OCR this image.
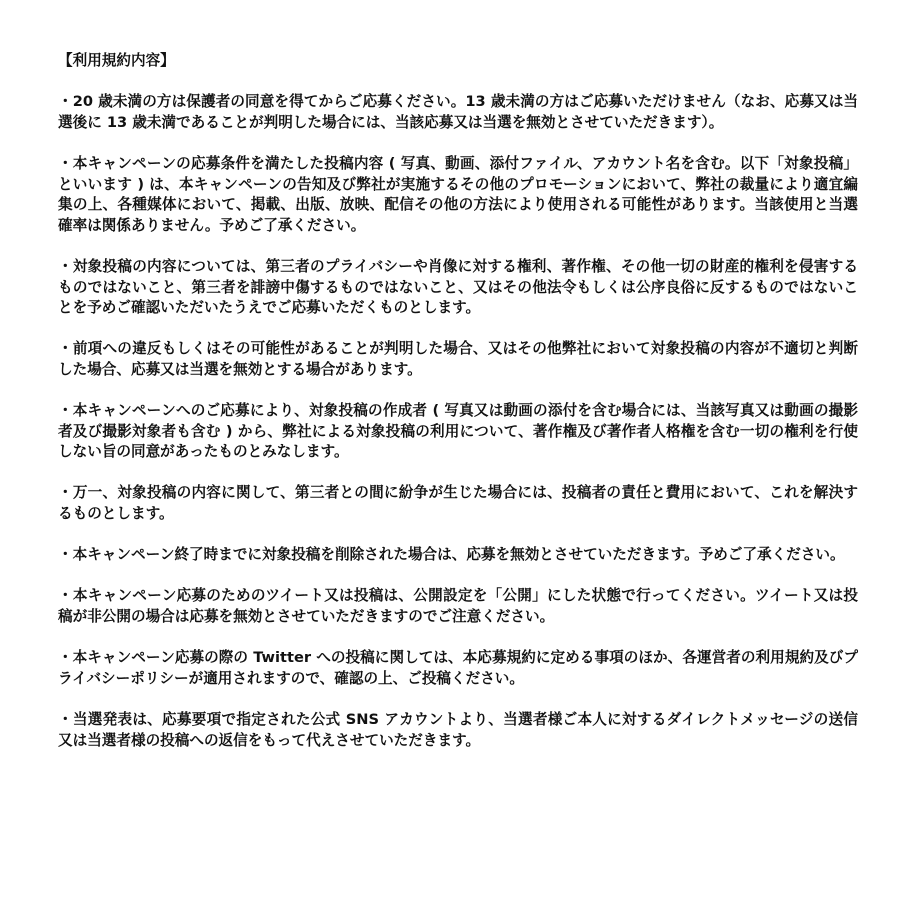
【利用規約内容】

・20 歳未満の方は保護者の同意を得てからご応募ください。13 歳未満の方はご応募いただけません（なお、応募又は当選後に 13 歳未満であることが判明した場合には、当該応募又は当選を無効とさせていただきます）。

・本キャンペーンの応募条件を満たした投稿内容 ( 写真、動画、添付ファイル、アカウント名を含む。以下「対象投稿」といいます ) は、本キャンペーンの告知及び弊社が実施するその他のプロモーションにおいて、弊社の裁量により適宜編集の上、各種媒体において、掲載、出版、放映、配信その他の方法により使用される可能性があります。当該使用と当選確率は関係ありません。予めご了承ください。

・対象投稿の内容については、第三者のプライバシーや肖像に対する権利、著作権、その他一切の財産的権利を侵害するものではないこと、第三者を誹謗中傷するものではないこと、又はその他法令もしくは公序良俗に反するものではないことを予めご確認いただいたうえでご応募いただくものとします。

・前項への違反もしくはその可能性があることが判明した場合、又はその他弊社において対象投稿の内容が不適切と判断した場合、応募又は当選を無効とする場合があります。

・本キャンペーンへのご応募により、対象投稿の作成者 ( 写真又は動画の添付を含む場合には、当該写真又は動画の撮影者及び撮影対象者も含む ) から、弊社による対象投稿の利用について、著作権及び著作者人格権を含む一切の権利を行使しない旨の同意があったものとみなします。

・万一、対象投稿の内容に関して、第三者との間に紛争が生じた場合には、投稿者の責任と費用において、これを解決するものとします。

・本キャンペーン終了時までに対象投稿を削除された場合は、応募を無効とさせていただきます。予めご了承ください。

・本キャンペーン応募のためのツイート又は投稿は、公開設定を「公開」にした状態で行ってください。ツイート又は投稿が非公開の場合は応募を無効とさせていただきますのでご注意ください。

・本キャンペーン応募の際の Twitter への投稿に関しては、本応募規約に定める事項のほか、各運営者の利用規約及びプライバシーポリシーが適用されますので、確認の上、ご投稿ください。

・当選発表は、応募要項で指定された公式 SNS アカウントより、当選者様ご本人に対するダイレクトメッセージの送信又は当選者様の投稿への返信をもって代えさせていただきます。
